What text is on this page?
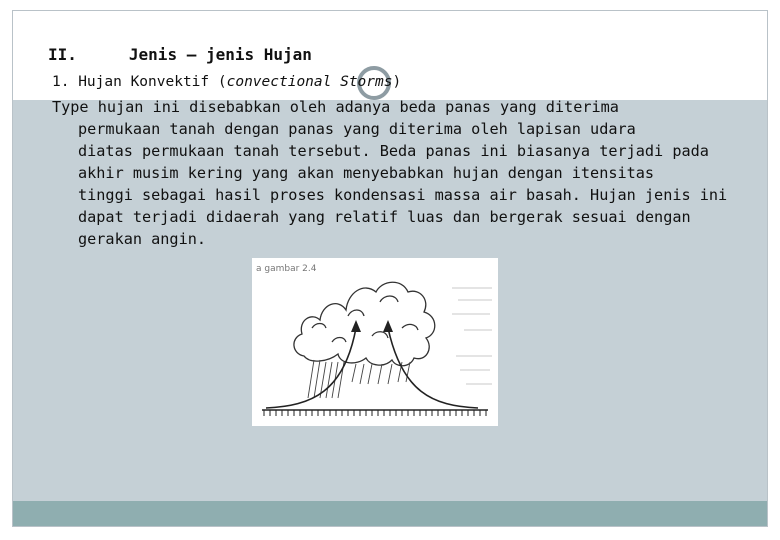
II.	Jenis – jenis Hujan
1. Hujan Konvektif (convectional Storms)
Type hujan ini disebabkan oleh adanya beda panas yang diterima
permukaan tanah dengan panas yang diterima oleh lapisan udara
diatas permukaan tanah tersebut. Beda panas ini biasanya terjadi pada
akhir musim kering yang akan menyebabkan hujan dengan itensitas
tinggi sebagai hasil proses kondensasi massa air basah. Hujan jenis ini
dapat terjadi didaerah yang relatif luas dan bergerak sesuai dengan
gerakan angin.
a gambar 2.4
